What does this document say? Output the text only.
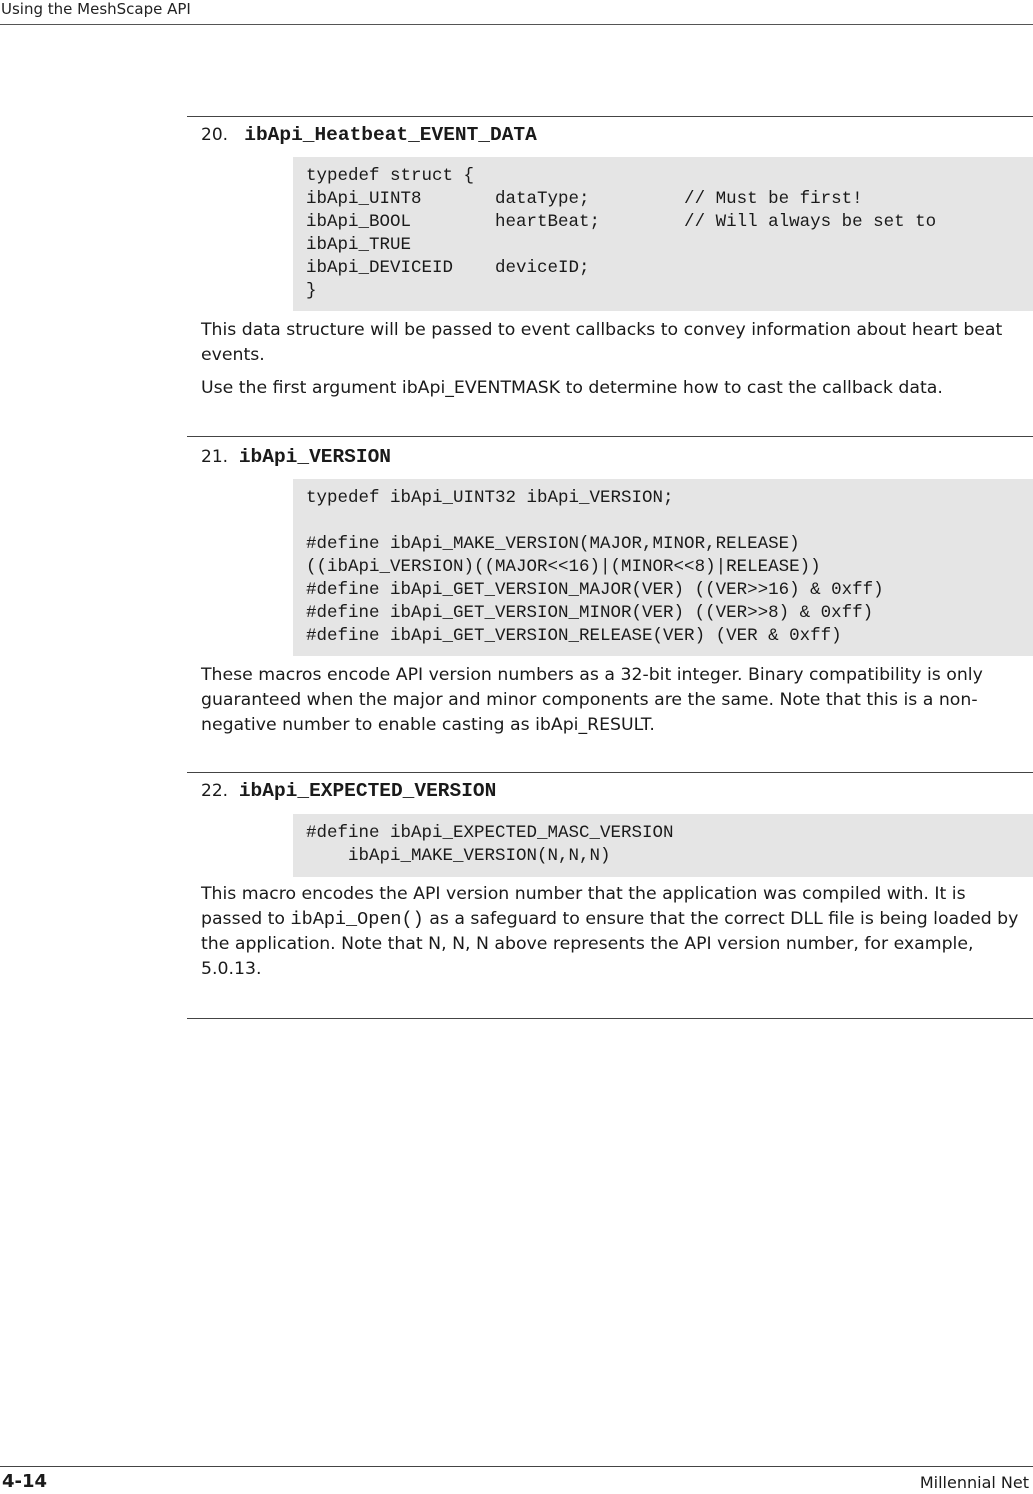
Using the MeshScape API
20. ibApi_Heatbeat_EVENT_DATA
typedef struct {
ibApi_UINT8       dataType;         // Must be first!
ibApi_BOOL        heartBeat;        // Will always be set to
ibApi_TRUE
ibApi_DEVICEID    deviceID;
}
This data structure will be passed to event callbacks to convey information about heart beat events.
Use the first argument ibApi_EVENTMASK to determine how to cast the callback data.
21. ibApi_VERSION
typedef ibApi_UINT32 ibApi_VERSION;
#define ibApi_MAKE_VERSION(MAJOR,MINOR,RELEASE)
((ibApi_VERSION)((MAJOR<<16)|(MINOR<<8)|RELEASE))
#define ibApi_GET_VERSION_MAJOR(VER) ((VER>>16) & 0xff)
#define ibApi_GET_VERSION_MINOR(VER) ((VER>>8) & 0xff)
#define ibApi_GET_VERSION_RELEASE(VER) (VER & 0xff)
These macros encode API version numbers as a 32-bit integer. Binary compatibility is only guaranteed when the major and minor components are the same. Note that this is a non-negative number to enable casting as ibApi_RESULT.
22. ibApi_EXPECTED_VERSION
#define ibApi_EXPECTED_MASC_VERSION
ibApi_MAKE_VERSION(N,N,N)
This macro encodes the API version number that the application was compiled with. It is passed to ibApi_Open() as a safeguard to ensure that the correct DLL file is being loaded by the application. Note that N, N, N above represents the API version number, for example, 5.0.13.
4-14	Millennial Net
